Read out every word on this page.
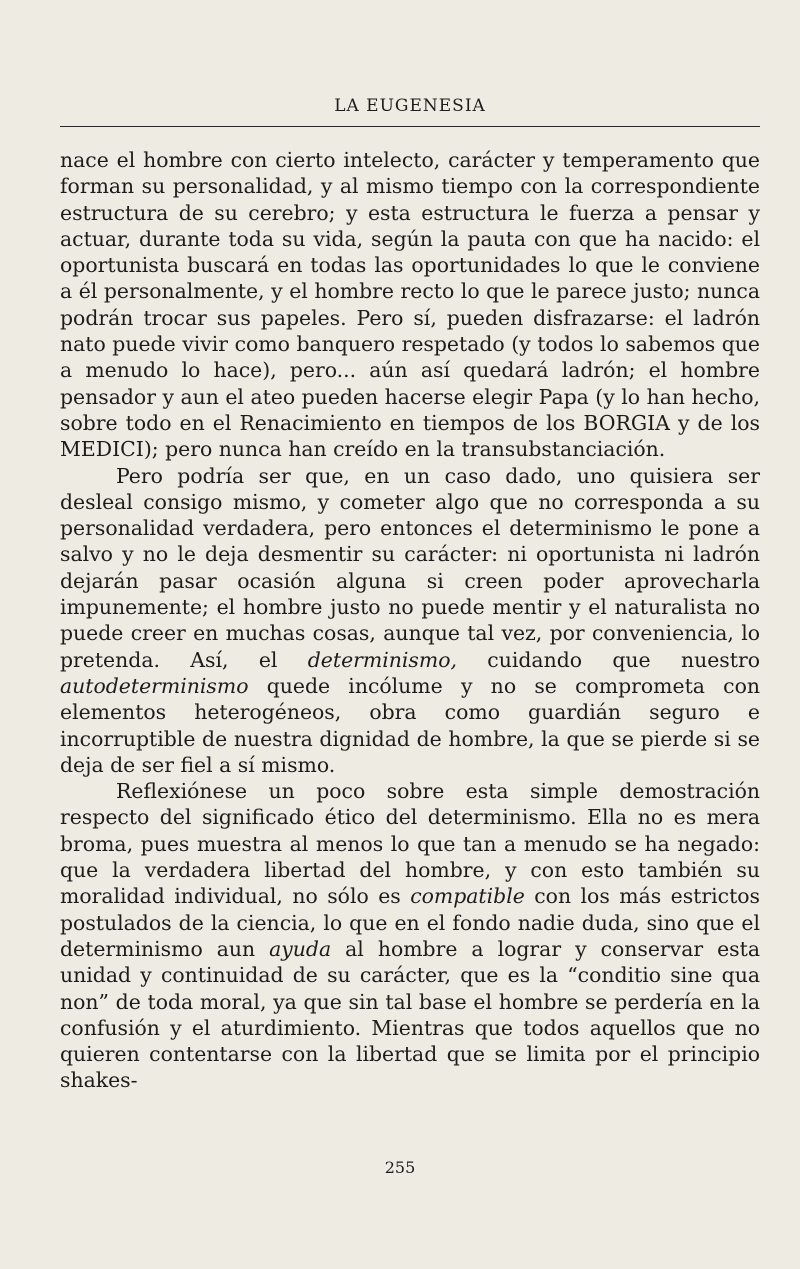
LA EUGENESIA

nace el hombre con cierto intelecto, carácter y temperamento que forman su personalidad, y al mismo tiempo con la correspondiente estructura de su cerebro; y esta estructura le fuerza a pensar y actuar, durante toda su vida, según la pauta con que ha nacido: el oportunista buscará en todas las oportunidades lo que le conviene a él personalmente, y el hombre recto lo que le parece justo; nunca podrán trocar sus papeles. Pero sí, pueden disfrazarse: el ladrón nato puede vivir como banquero respetado (y todos lo sabemos que a menudo lo hace), pero... aún así quedará ladrón; el hombre pensador y aun el ateo pueden hacerse elegir Papa (y lo han hecho, sobre todo en el Renacimiento en tiempos de los BORGIA y de los MEDICI); pero nunca han creído en la transubstanciación.

Pero podría ser que, en un caso dado, uno quisiera ser desleal consigo mismo, y cometer algo que no corresponda a su personalidad verdadera, pero entonces el determinismo le pone a salvo y no le deja desmentir su carácter: ni oportunista ni ladrón dejarán pasar ocasión alguna si creen poder aprovecharla impunemente; el hombre justo no puede mentir y el naturalista no puede creer en muchas cosas, aunque tal vez, por conveniencia, lo pretenda. Así, el determinismo, cuidando que nuestro autodeterminismo quede incólume y no se comprometa con elementos heterogéneos, obra como guardián seguro e incorruptible de nuestra dignidad de hombre, la que se pierde si se deja de ser fiel a sí mismo.

Reflexiónese un poco sobre esta simple demostración respecto del significado ético del determinismo. Ella no es mera broma, pues muestra al menos lo que tan a menudo se ha negado: que la verdadera libertad del hombre, y con esto también su moralidad individual, no sólo es compatible con los más estrictos postulados de la ciencia, lo que en el fondo nadie duda, sino que el determinismo aun ayuda al hombre a lograr y conservar esta unidad y continuidad de su carácter, que es la “conditio sine qua non” de toda moral, ya que sin tal base el hombre se perdería en la confusión y el aturdimiento. Mientras que todos aquellos que no quieren contentarse con la libertad que se limita por el principio shakes-

255
